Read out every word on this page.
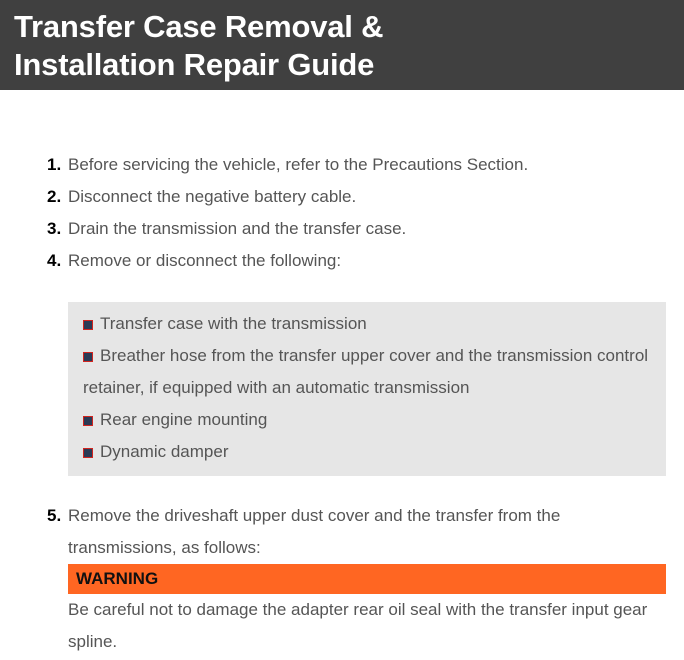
Transfer Case Removal &
Installation Repair Guide
1. Before servicing the vehicle, refer to the Precautions Section.
2. Disconnect the negative battery cable.
3. Drain the transmission and the transfer case.
4. Remove or disconnect the following:
Transfer case with the transmission
Breather hose from the transfer upper cover and the transmission control retainer, if equipped with an automatic transmission
Rear engine mounting
Dynamic damper
5. Remove the driveshaft upper dust cover and the transfer from the transmissions, as follows:
WARNING
Be careful not to damage the adapter rear oil seal with the transfer input gear spline.
